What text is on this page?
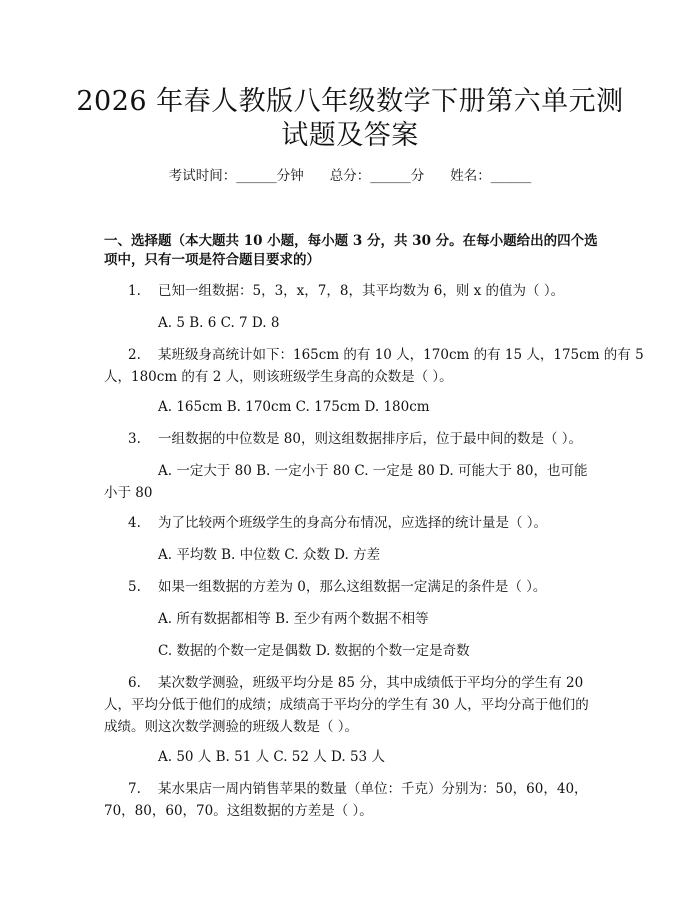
2026 年春人教版八年级数学下册第六单元测
试题及答案
考试时间：______分钟 总分：______分 姓名：______
一、选择题（本大题共 10 小题，每小题 3 分，共 30 分。在每小题给出的四个选
项中，只有一项是符合题目要求的）
1. 已知一组数据：5，3，x，7，8，其平均数为 6，则 x 的值为（ ）。
A. 5 B. 6 C. 7 D. 8
2. 某班级身高统计如下：165cm 的有 10 人，170cm 的有 15 人，175cm 的有 5
人，180cm 的有 2 人，则该班级学生身高的众数是（ ）。
A. 165cm B. 170cm C. 175cm D. 180cm
3. 一组数据的中位数是 80，则这组数据排序后，位于最中间的数是（ ）。
A. 一定大于 80 B. 一定小于 80 C. 一定是 80 D. 可能大于 80，也可能
小于 80
4. 为了比较两个班级学生的身高分布情况，应选择的统计量是（ ）。
A. 平均数 B. 中位数 C. 众数 D. 方差
5. 如果一组数据的方差为 0，那么这组数据一定满足的条件是（ ）。
A. 所有数据都相等 B. 至少有两个数据不相等
C. 数据的个数一定是偶数 D. 数据的个数一定是奇数
6. 某次数学测验，班级平均分是 85 分，其中成绩低于平均分的学生有 20
人，平均分低于他们的成绩；成绩高于平均分的学生有 30 人，平均分高于他们的
成绩。则这次数学测验的班级人数是（ ）。
A. 50 人 B. 51 人 C. 52 人 D. 53 人
7. 某水果店一周内销售苹果的数量（单位：千克）分别为：50，60，40，
70，80，60，70。这组数据的方差是（ ）。
